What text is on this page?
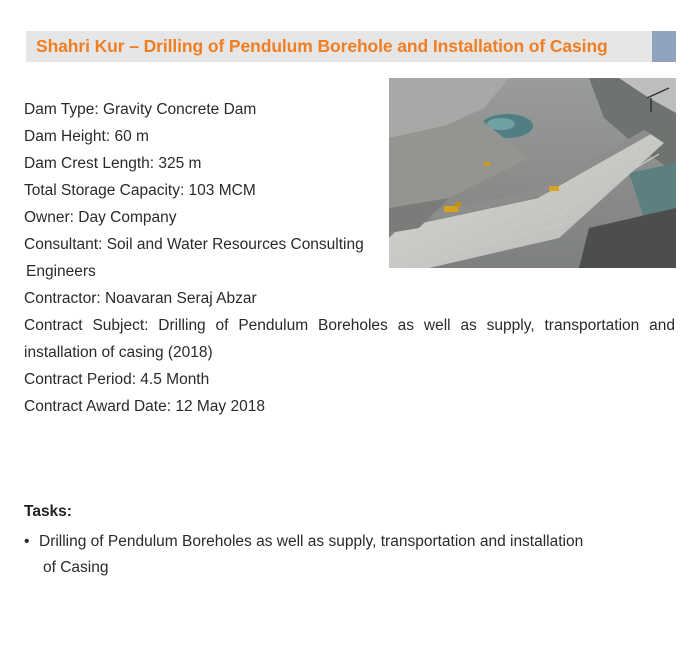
Shahri Kur – Drilling of Pendulum Borehole and Installation of Casing
Dam Type: Gravity Concrete Dam
Dam Height: 60 m
Dam Crest Length: 325 m
Total Storage Capacity: 103 MCM
Owner: Day Company
Consultant: Soil and Water Resources Consulting
Engineers
Contractor: Noavaran Seraj Abzar
Contract Subject: Drilling of Pendulum Boreholes as well as supply, transportation and
installation of casing (2018)
Contract Period: 4.5 Month
Contract Award Date: 12 May 2018
Tasks:
• Drilling of Pendulum Boreholes as well as supply, transportation and installation
of Casing
